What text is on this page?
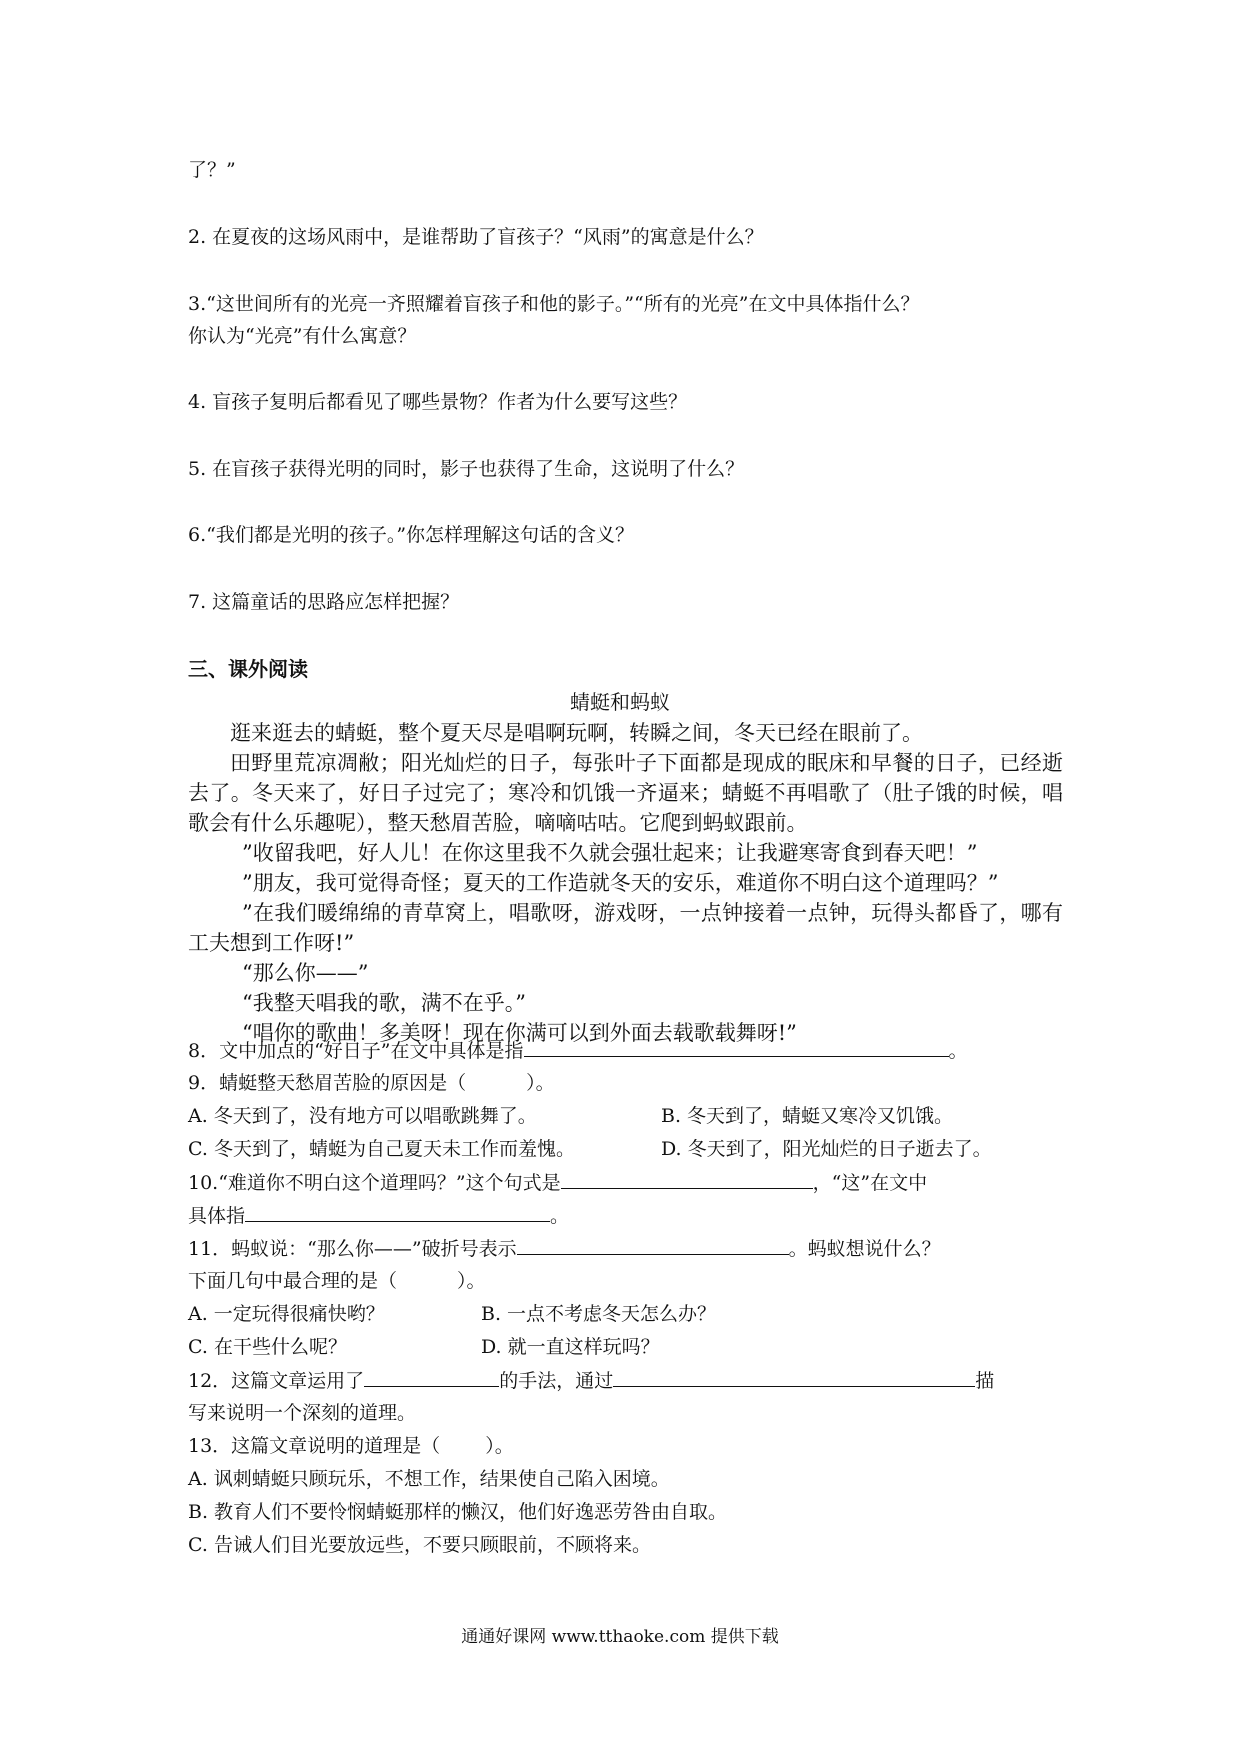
了？”
2. 在夏夜的这场风雨中，是谁帮助了盲孩子？“风雨”的寓意是什么？
3.“这世间所有的光亮一齐照耀着盲孩子和他的影子。”“所有的光亮”在文中具体指什么？
你认为“光亮”有什么寓意？
4. 盲孩子复明后都看见了哪些景物？作者为什么要写这些？
5. 在盲孩子获得光明的同时，影子也获得了生命，这说明了什么？
6.“我们都是光明的孩子。”你怎样理解这句话的含义？
7. 这篇童话的思路应怎样把握？
三、课外阅读
蜻蜓和蚂蚁

逛来逛去的蜻蜓，整个夏天尽是唱啊玩啊，转瞬之间，冬天已经在眼前了。

田野里荒凉凋敝；阳光灿烂的日子，每张叶子下面都是现成的眠床和早餐的日子，已经逝去了。冬天来了，好日子过完了；寒冷和饥饿一齐逼来；蜻蜓不再唱歌了（肚子饿的时候，唱歌会有什么乐趣呢），整天愁眉苦脸，嘀嘀咕咕。它爬到蚂蚁跟前。

”收留我吧，好人儿！在你这里我不久就会强壮起来；让我避寒寄食到春天吧！”

”朋友，我可觉得奇怪；夏天的工作造就冬天的安乐，难道你不明白这个道理吗？”

”在我们暖绵绵的青草窝上，唱歌呀，游戏呀，一点钟接着一点钟，玩得头都昏了，哪有工夫想到工作呀!”

“那么你——”

“我整天唱我的歌，满不在乎。”

“唱你的歌曲！多美呀！现在你满可以到外面去载歌载舞呀!”

8．文中加点的“好日子”在文中具体是指	。
9．蜻蜓整天愁眉苦脸的原因是（	）。
A. 冬天到了，没有地方可以唱歌跳舞了。	B. 冬天到了，蜻蜓又寒冷又饥饿。
C. 冬天到了，蜻蜓为自己夏天未工作而羞愧。	D. 冬天到了，阳光灿烂的日子逝去了。
10.“难道你不明白这个道理吗？”这个句式是	，“这”在文中
具体指	。
11．蚂蚁说：“那么你——”破折号表示	。蚂蚁想说什么？
下面几句中最合理的是（	）。
A. 一定玩得很痛快哟？	B. 一点不考虑冬天怎么办？
C. 在干些什么呢？	D. 就一直这样玩吗？
12．这篇文章运用了	的手法，通过	描
写来说明一个深刻的道理。
13．这篇文章说明的道理是（ ）。
A. 讽刺蜻蜓只顾玩乐，不想工作，结果使自己陷入困境。
B. 教育人们不要怜悯蜻蜓那样的懒汉，他们好逸恶劳咎由自取。
C. 告诫人们目光要放远些，不要只顾眼前，不顾将来。
通通好课网 www.tthaoke.com 提供下载
